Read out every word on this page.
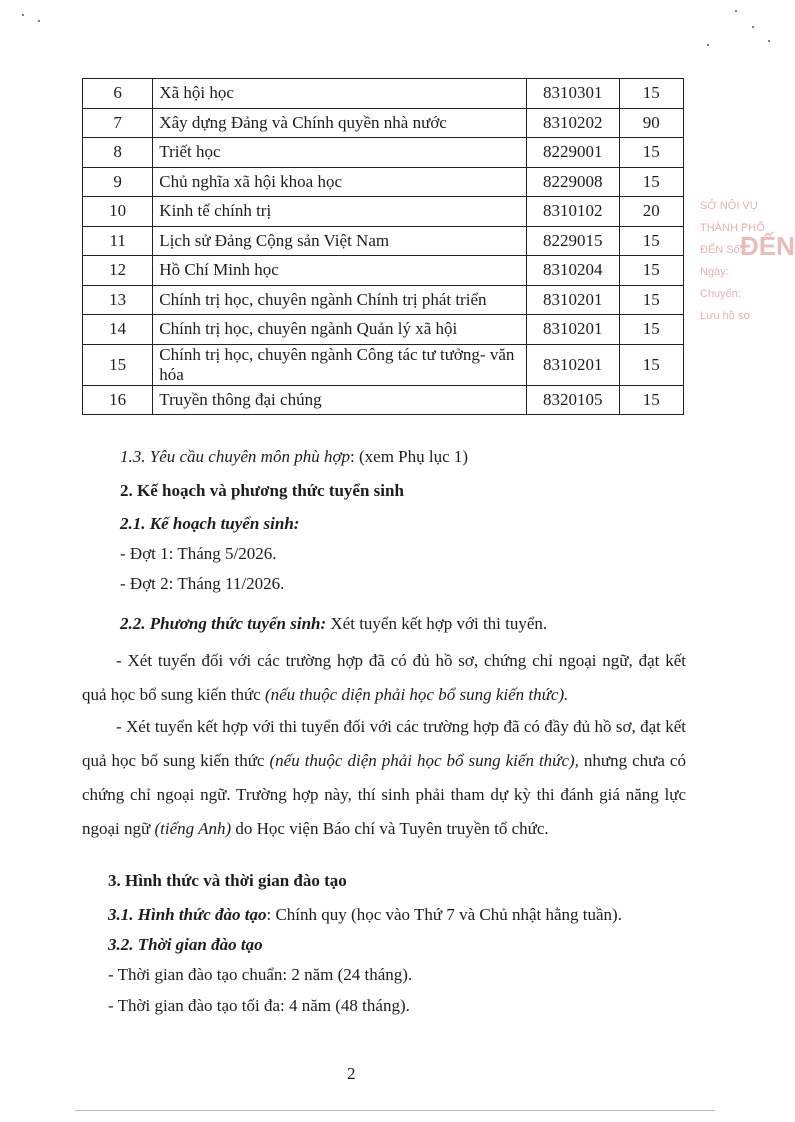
SỞ NỘI VỤ THÀNH PHỐ
ĐẾN Số:
Ngày:
Chuyển:
Lưu hồ sơ
ĐẾN
6	Xã hội học	8310301	15
7	Xây dựng Đảng và Chính quyền nhà nước	8310202	90
8	Triết học	8229001	15
9	Chủ nghĩa xã hội khoa học	8229008	15
10	Kinh tế chính trị	8310102	20
11	Lịch sử Đảng Cộng sản Việt Nam	8229015	15
12	Hồ Chí Minh học	8310204	15
13	Chính trị học, chuyên ngành Chính trị phát triển	8310201	15
14	Chính trị học, chuyên ngành Quản lý xã hội	8310201	15
15	Chính trị học, chuyên ngành Công tác tư tưởng- văn hóa	8310201	15
16	Truyền thông đại chúng	8320105	15
1.3. Yêu cầu chuyên môn phù hợp: (xem Phụ lục 1)
2. Kế hoạch và phương thức tuyển sinh
2.1. Kế hoạch tuyển sinh:
- Đợt 1: Tháng 5/2026.
- Đợt 2: Tháng 11/2026.
2.2. Phương thức tuyển sinh: Xét tuyển kết hợp với thi tuyển.
- Xét tuyển đối với các trường hợp đã có đủ hồ sơ, chứng chỉ ngoại ngữ, đạt kết quả học bổ sung kiến thức (nếu thuộc diện phải học bổ sung kiến thức).
- Xét tuyển kết hợp với thi tuyển đối với các trường hợp đã có đầy đủ hồ sơ, đạt kết quả học bổ sung kiến thức (nếu thuộc diện phải học bổ sung kiến thức), nhưng chưa có chứng chỉ ngoại ngữ. Trường hợp này, thí sinh phải tham dự kỳ thi đánh giá năng lực ngoại ngữ (tiếng Anh) do Học viện Báo chí và Tuyên truyền tổ chức.
3. Hình thức và thời gian đào tạo
3.1. Hình thức đào tạo: Chính quy (học vào Thứ 7 và Chủ nhật hằng tuần).
3.2. Thời gian đào tạo
- Thời gian đào tạo chuẩn: 2 năm (24 tháng).
- Thời gian đào tạo tối đa: 4 năm (48 tháng).
2
